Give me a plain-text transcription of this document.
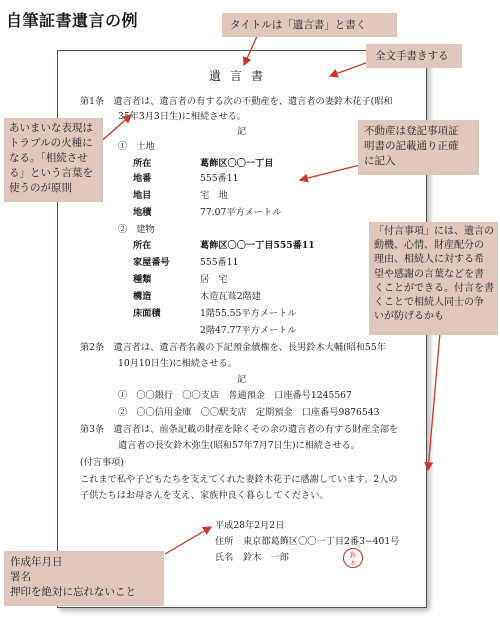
自筆証書遺言の例
遺言書
第1条　遺言者は、遺言者の有する次の不動産を、遺言者の妻鈴木花子(昭和
35年3月3日生)に相続させる。
記
①　土地
所在	葛飾区〇〇一丁目
地番	555番11
地目	宅　地
地積	77.07平方メートル
②　建物
所在	葛飾区〇〇一丁目555番11
家屋番号	555番11
種類	居　宅
構造	木造瓦葺2階建
床面積	1階55.55平方メートル
2階47.77平方メートル
第2条　遺言者は、遺言者名義の下記預金債権を、長男鈴木大輔(昭和55年
10月10日生)に相続させる。
記
①　〇〇銀行　〇〇支店　普通預金　口座番号1245567
②　〇〇信用金庫　〇〇駅支店　定期預金　口座番号9876543
第3条　遺言者は、前条記載の財産を除くその余の遺言者の有する財産全部を
遺言者の長女鈴木弥生(昭和57年7月7日生)に相続させる。
(付言事項)
これまで私や子どもたちを支えてくれた妻鈴木花子に感謝しています。2人の
子供たちはお母さんを支え、家族仲良く暮らしてください。
平成28年2月2日
住所 東京都葛飾区〇〇一丁目2番3−401号
氏名 鈴木　一郎	鈴
木
タイトルは「遺言書」と書く
全文手書きする
あいまいな表現は
トラブルの火種に
なる。「相続させ
る」という言葉を
使うのが原則
不動産は登記事項証
明書の記載通り正確
に記入
「付言事項」には、遺言の
動機、心情、財産配分の
理由、相続人に対する希
望や感謝の言葉などを書
くことができる。付言を書
くことで相続人同士の争
いが防げるかも
作成年月日
署名
押印を絶対に忘れないこと
